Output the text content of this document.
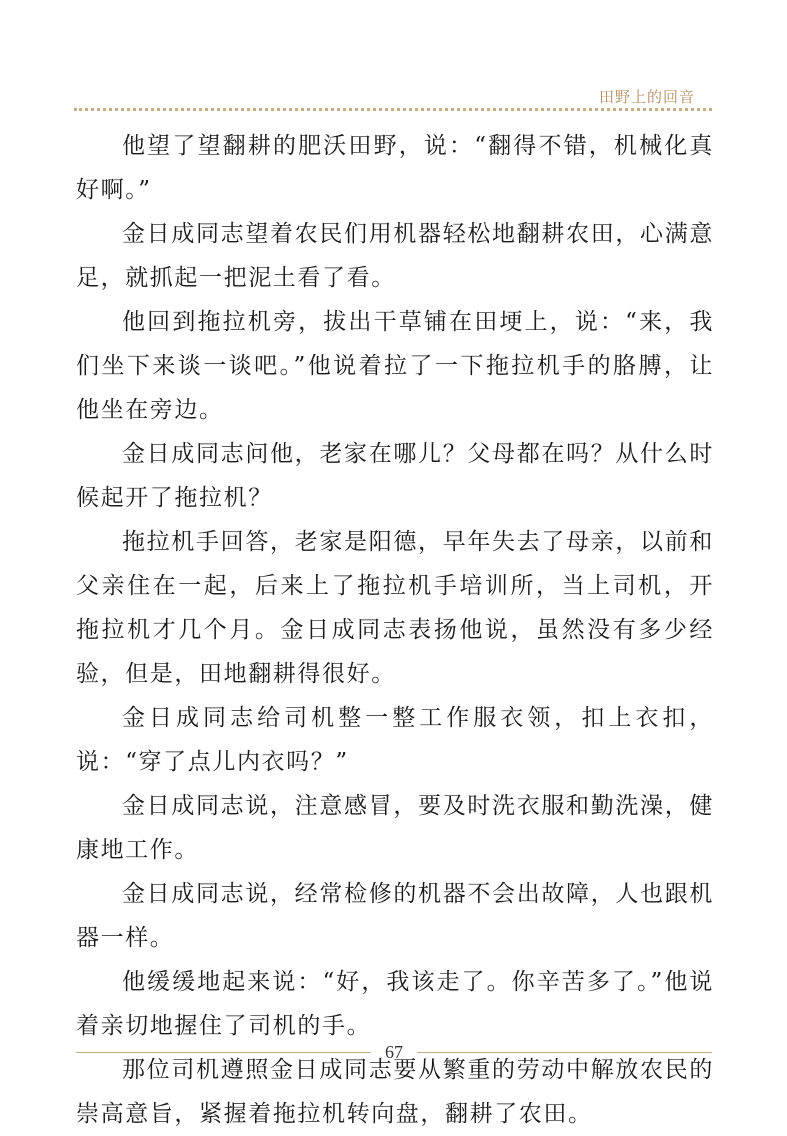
田野上的回音

他望了望翻耕的肥沃田野，说：“翻得不错，机械化真好啊。”

金日成同志望着农民们用机器轻松地翻耕农田，心满意足，就抓起一把泥土看了看。

他回到拖拉机旁，拔出干草铺在田埂上，说：“来，我们坐下来谈一谈吧。”他说着拉了一下拖拉机手的胳膊，让他坐在旁边。

金日成同志问他，老家在哪儿？父母都在吗？从什么时候起开了拖拉机？

拖拉机手回答，老家是阳德，早年失去了母亲，以前和父亲住在一起，后来上了拖拉机手培训所，当上司机，开拖拉机才几个月。金日成同志表扬他说，虽然没有多少经验，但是，田地翻耕得很好。

金日成同志给司机整一整工作服衣领，扣上衣扣，说：“穿了点儿内衣吗？”

金日成同志说，注意感冒，要及时洗衣服和勤洗澡，健康地工作。

金日成同志说，经常检修的机器不会出故障，人也跟机器一样。

他缓缓地起来说：“好，我该走了。你辛苦多了。”他说着亲切地握住了司机的手。

那位司机遵照金日成同志要从繁重的劳动中解放农民的崇高意旨，紧握着拖拉机转向盘，翻耕了农田。

67
